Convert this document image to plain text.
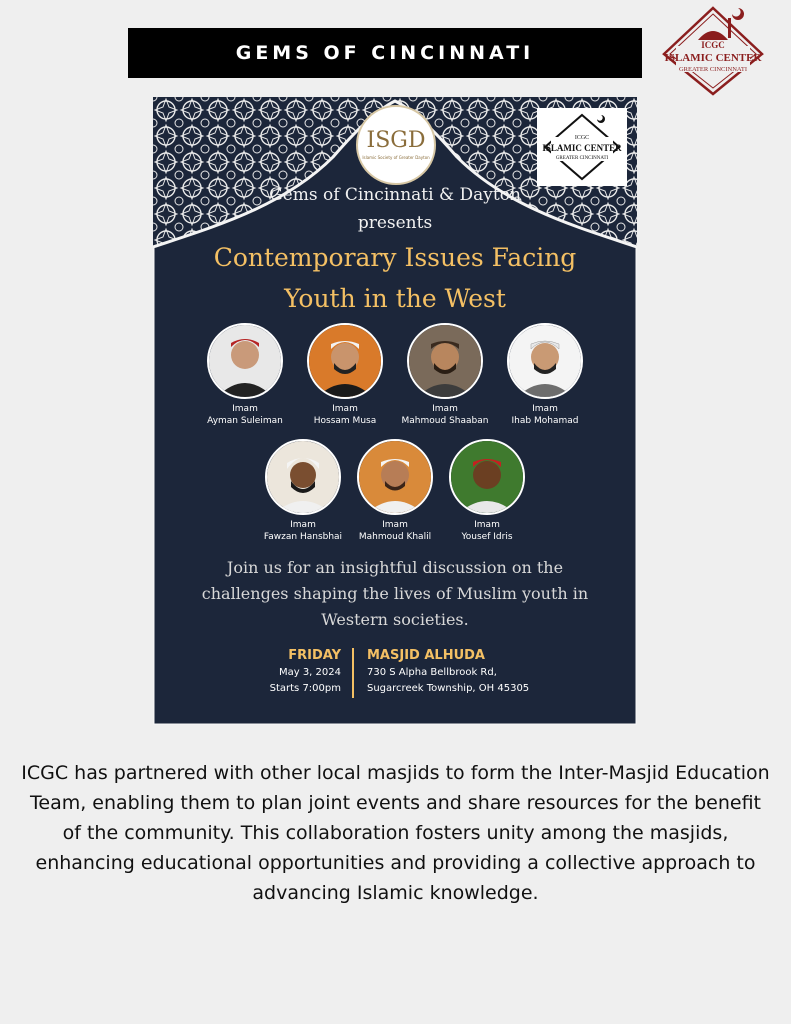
GEMS OF CINCINNATI	ICGC
ISLAMIC CENTER
GREATER CINCINNATI
ISGD
Islamic Society of Greater Dayton
ICGC
ISLAMIC CENTER
GREATER CINCINNATI
Gems of Cincinnati & Dayton
presents
Contemporary Issues Facing
Youth in the West
Imam
Ayman Suleiman
Imam
Hossam Musa
Imam
Mahmoud Shaaban
Imam
Ihab Mohamad
Imam
Fawzan Hansbhai
Imam
Mahmoud Khalil
Imam
Yousef Idris
Join us for an insightful discussion on the challenges shaping the lives of Muslim youth in Western societies.
FRIDAY
May 3, 2024
Starts 7:00pm
MASJID ALHUDA
730 S Alpha Bellbrook Rd,
Sugarcreek Township, OH 45305
ICGC has partnered with other local masjids to form the Inter-Masjid Education Team, enabling them to plan joint events and share resources for the benefit of the community. This collaboration fosters unity among the masjids, enhancing educational opportunities and providing a collective approach to advancing Islamic knowledge.
